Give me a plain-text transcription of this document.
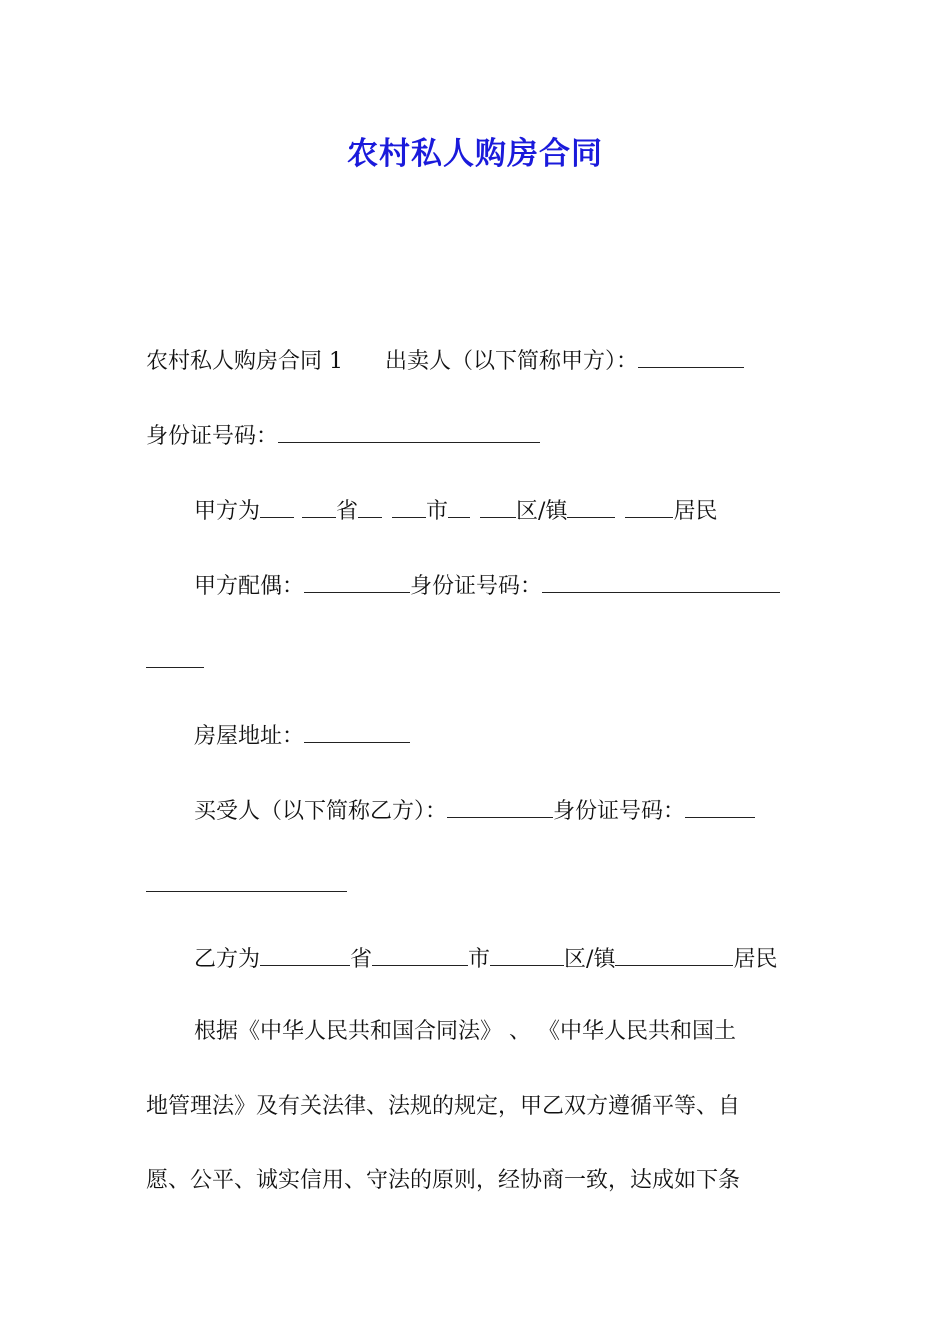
农村私人购房合同
农村私人购房合同 1 出卖人（以下简称甲方）：
身份证号码：
甲方为	省	市	区/镇	居民
甲方配偶：	身份证号码：
房屋地址：
买受人（以下简称乙方）：	身份证号码：
乙方为	省	市	区/镇	居民
根据《中华人民共和国合同法》 、 《中华人民共和国土
地管理法》及有关法律、法规的规定，甲乙双方遵循平等、自
愿、公平、诚实信用、守法的原则，经协商一致，达成如下条
